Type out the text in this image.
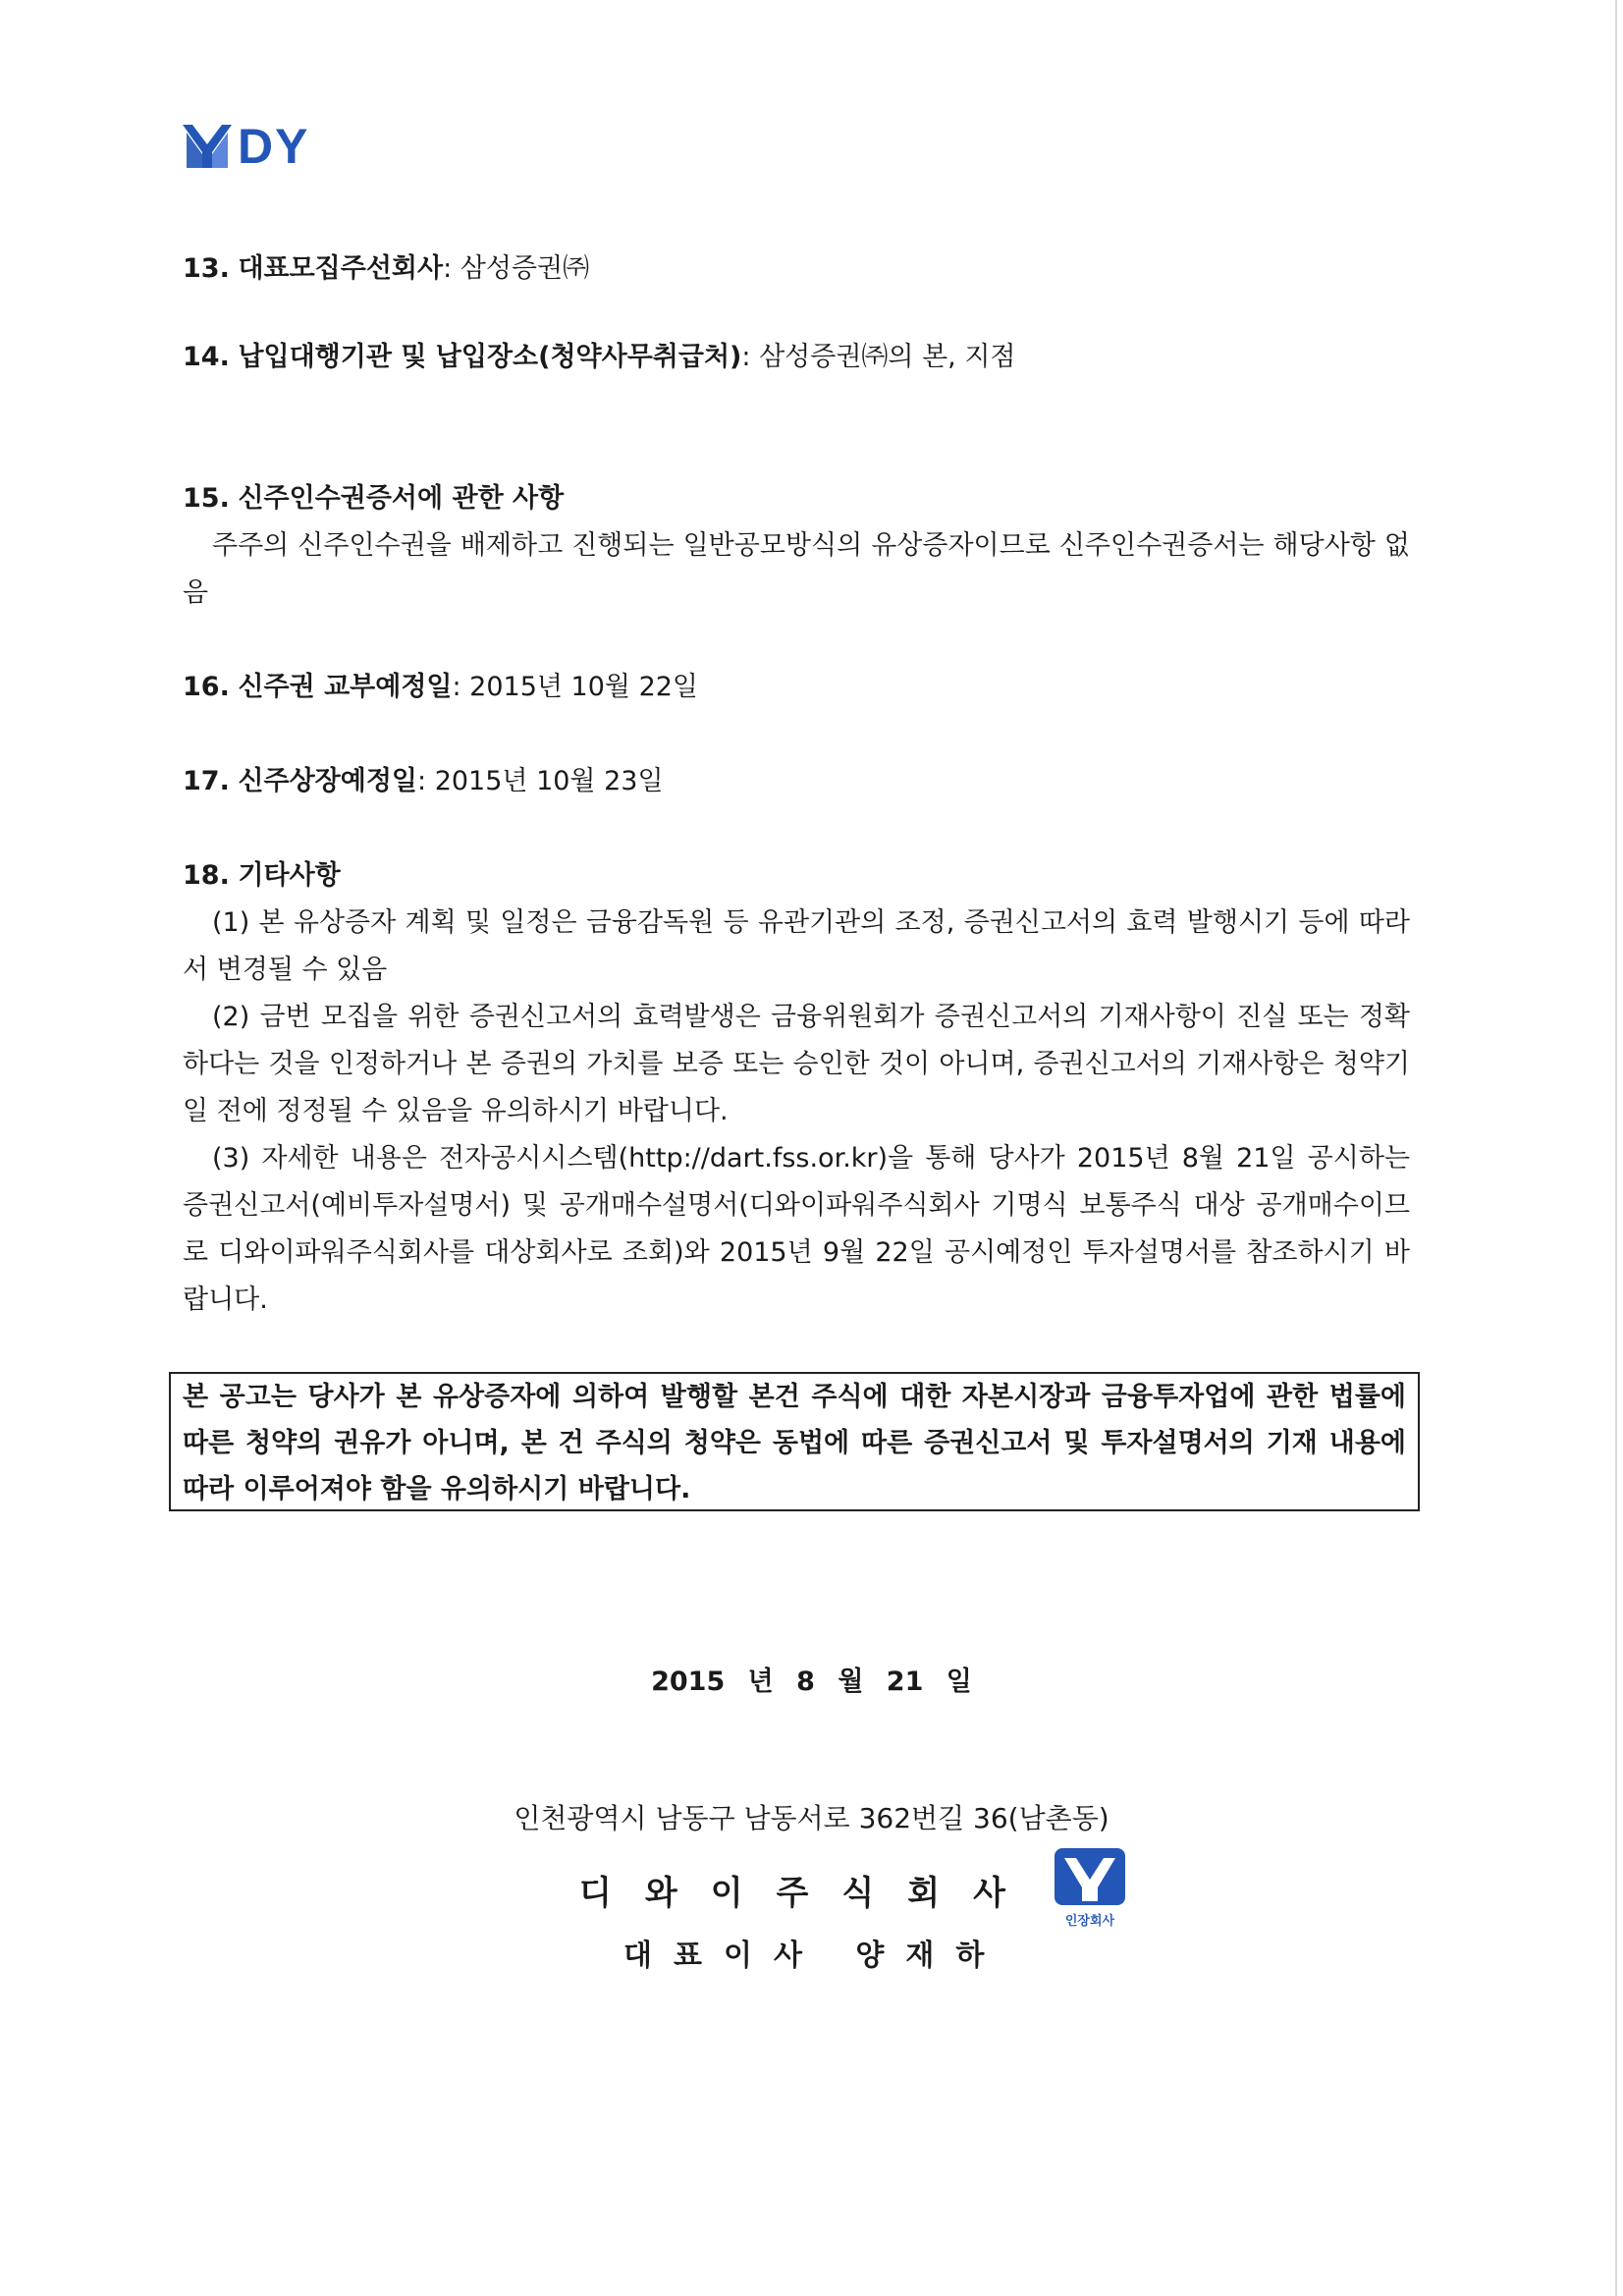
DY
13. 대표모집주선회사: 삼성증권㈜
14. 납입대행기관 및 납입장소(청약사무취급처): 삼성증권㈜의 본, 지점
15. 신주인수권증서에 관한 사항
주주의 신주인수권을 배제하고 진행되는 일반공모방식의 유상증자이므로 신주인수권증서는 해당사항 없음
16. 신주권 교부예정일: 2015년 10월 22일
17. 신주상장예정일: 2015년 10월 23일
18. 기타사항
(1) 본 유상증자 계획 및 일정은 금융감독원 등 유관기관의 조정, 증권신고서의 효력 발행시기 등에 따라서 변경될 수 있음
(2) 금번 모집을 위한 증권신고서의 효력발생은 금융위원회가 증권신고서의 기재사항이 진실 또는 정확하다는 것을 인정하거나 본 증권의 가치를 보증 또는 승인한 것이 아니며, 증권신고서의 기재사항은 청약기일 전에 정정될 수 있음을 유의하시기 바랍니다.
(3) 자세한 내용은 전자공시시스템(http://dart.fss.or.kr)을 통해 당사가 2015년 8월 21일 공시하는 증권신고서(예비투자설명서) 및 공개매수설명서(디와이파워주식회사 기명식 보통주식 대상 공개매수이므로 디와이파워주식회사를 대상회사로 조회)와 2015년 9월 22일 공시예정인 투자설명서를 참조하시기 바랍니다.
본 공고는 당사가 본 유상증자에 의하여 발행할 본건 주식에 대한 자본시장과 금융투자업에 관한 법률에 따른 청약의 권유가 아니며, 본 건 주식의 청약은 동법에 따른 증권신고서 및 투자설명서의 기재 내용에 따라 이루어져야 함을 유의하시기 바랍니다.
2015 년 8 월 21 일
인천광역시 남동구 남동서로 362번길 36(남촌동)
디와이주식회사
인장회사
대표이사 양재하
